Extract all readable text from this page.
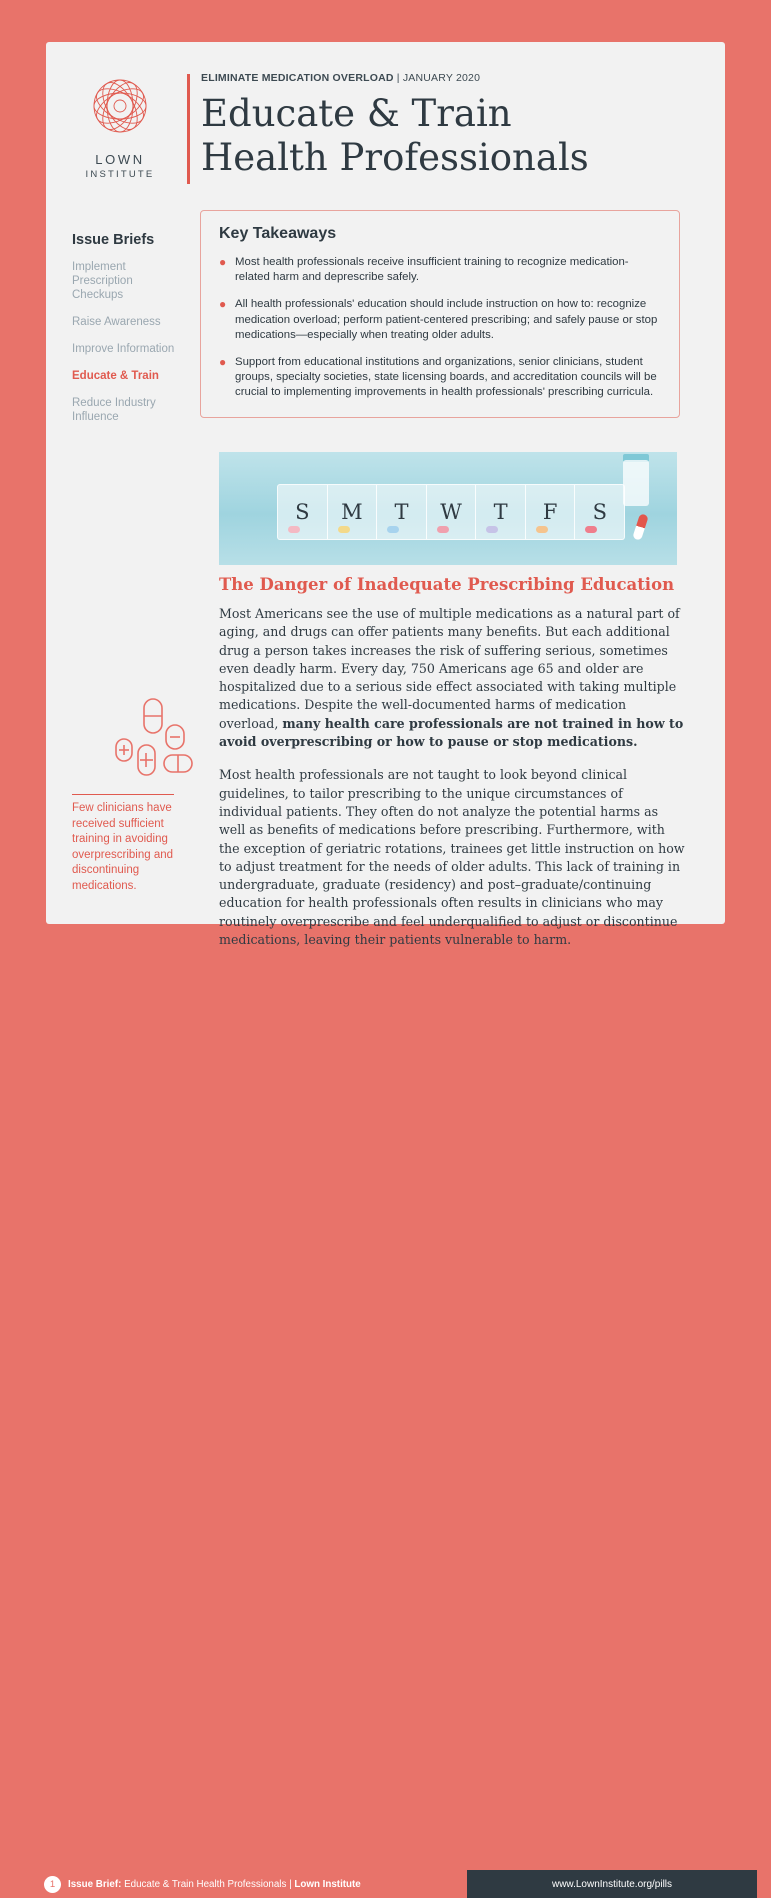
LOWN
INSTITUTE
Issue Briefs
Implement Prescription Checkups
Raise Awareness
Improve Information
Educate & Train
Reduce Industry Influence
Few clinicians have received sufficient training in avoiding overprescribing and discontinuing medications.
ELIMINATE MEDICATION OVERLOAD | JANUARY 2020
Educate & Train
Health Professionals
Key Takeaways
● Most health professionals receive insufficient training to recognize medication-related harm and deprescribe safely.
● All health professionals' education should include instruction on how to: recognize medication overload; perform patient-centered prescribing; and safely pause or stop medications—especially when treating older adults.
● Support from educational institutions and organizations, senior clinicians, student groups, specialty societies, state licensing boards, and accreditation councils will be crucial to implementing improvements in health professionals' prescribing curricula.
S M T W T F S
The Danger of Inadequate Prescribing Education

Most Americans see the use of multiple medications as a natural part of aging, and drugs can offer patients many benefits. But each additional drug a person takes increases the risk of suffering serious, sometimes even deadly harm. Every day, 750 Americans age 65 and older are hospitalized due to a serious side effect associated with taking multiple medications. Despite the well-documented harms of medication overload, many health care professionals are not trained in how to avoid overprescribing or how to pause or stop medications.

Most health professionals are not taught to look beyond clinical guidelines, to tailor prescribing to the unique circumstances of individual patients. They often do not analyze the potential harms as well as benefits of medications before prescribing. Furthermore, with the exception of geriatric rotations, trainees get little instruction on how to adjust treatment for the needs of older adults. This lack of training in undergraduate, graduate (residency) and post–graduate/continuing education for health professionals often results in clinicians who may routinely overprescribe and feel underqualified to adjust or discontinue medications, leaving their patients vulnerable to harm.

1	Issue Brief: Educate & Train Health Professionals | Lown Institute	www.LownInstitute.org/pills
